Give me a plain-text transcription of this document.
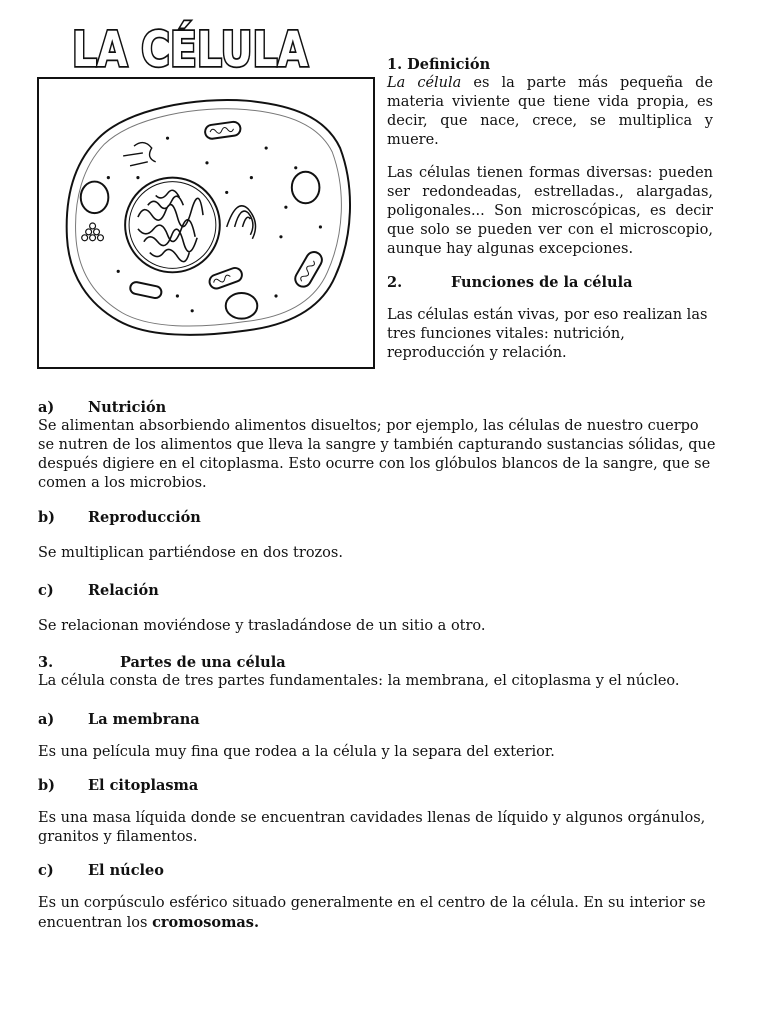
LA CÉLULA 1. Definición

La célula es la parte más pequeña de materia viviente que tiene vida propia, es decir, que nace, crece, se multiplica y muere.

Las células tienen formas diversas: pueden ser redondeadas, estrelladas., alargadas, poligonales... Son microscópicas, es decir que solo se pueden ver con el microscopio, aunque hay algunas excepciones.

2.	Funciones de la célula

Las células están vivas, por eso realizan las tres funciones vitales: nutrición, reproducción y relación.

a) Nutrición
Se alimentan absorbiendo alimentos disueltos; por ejemplo, las células de nuestro cuerpo se nutren de los alimentos que lleva la sangre y también capturando sustancias sólidas, que después digiere en el citoplasma. Esto ocurre con los glóbulos blancos de la sangre, que se comen a los microbios.
b) Reproducción
Se multiplican partiéndose en dos trozos.
c) Relación
Se relacionan moviéndose y trasladándose de un sitio a otro.
3.	Partes de una célula
La célula consta de tres partes fundamentales: la membrana, el citoplasma y el núcleo.
a) La membrana
Es una película muy fina que rodea a la célula y la separa del exterior.
b) El citoplasma
Es una masa líquida donde se encuentran cavidades llenas de líquido y algunos orgánulos, granitos y filamentos.
c) El núcleo
Es un corpúsculo esférico situado generalmente en el centro de la célula. En su interior se encuentran los cromosomas.
